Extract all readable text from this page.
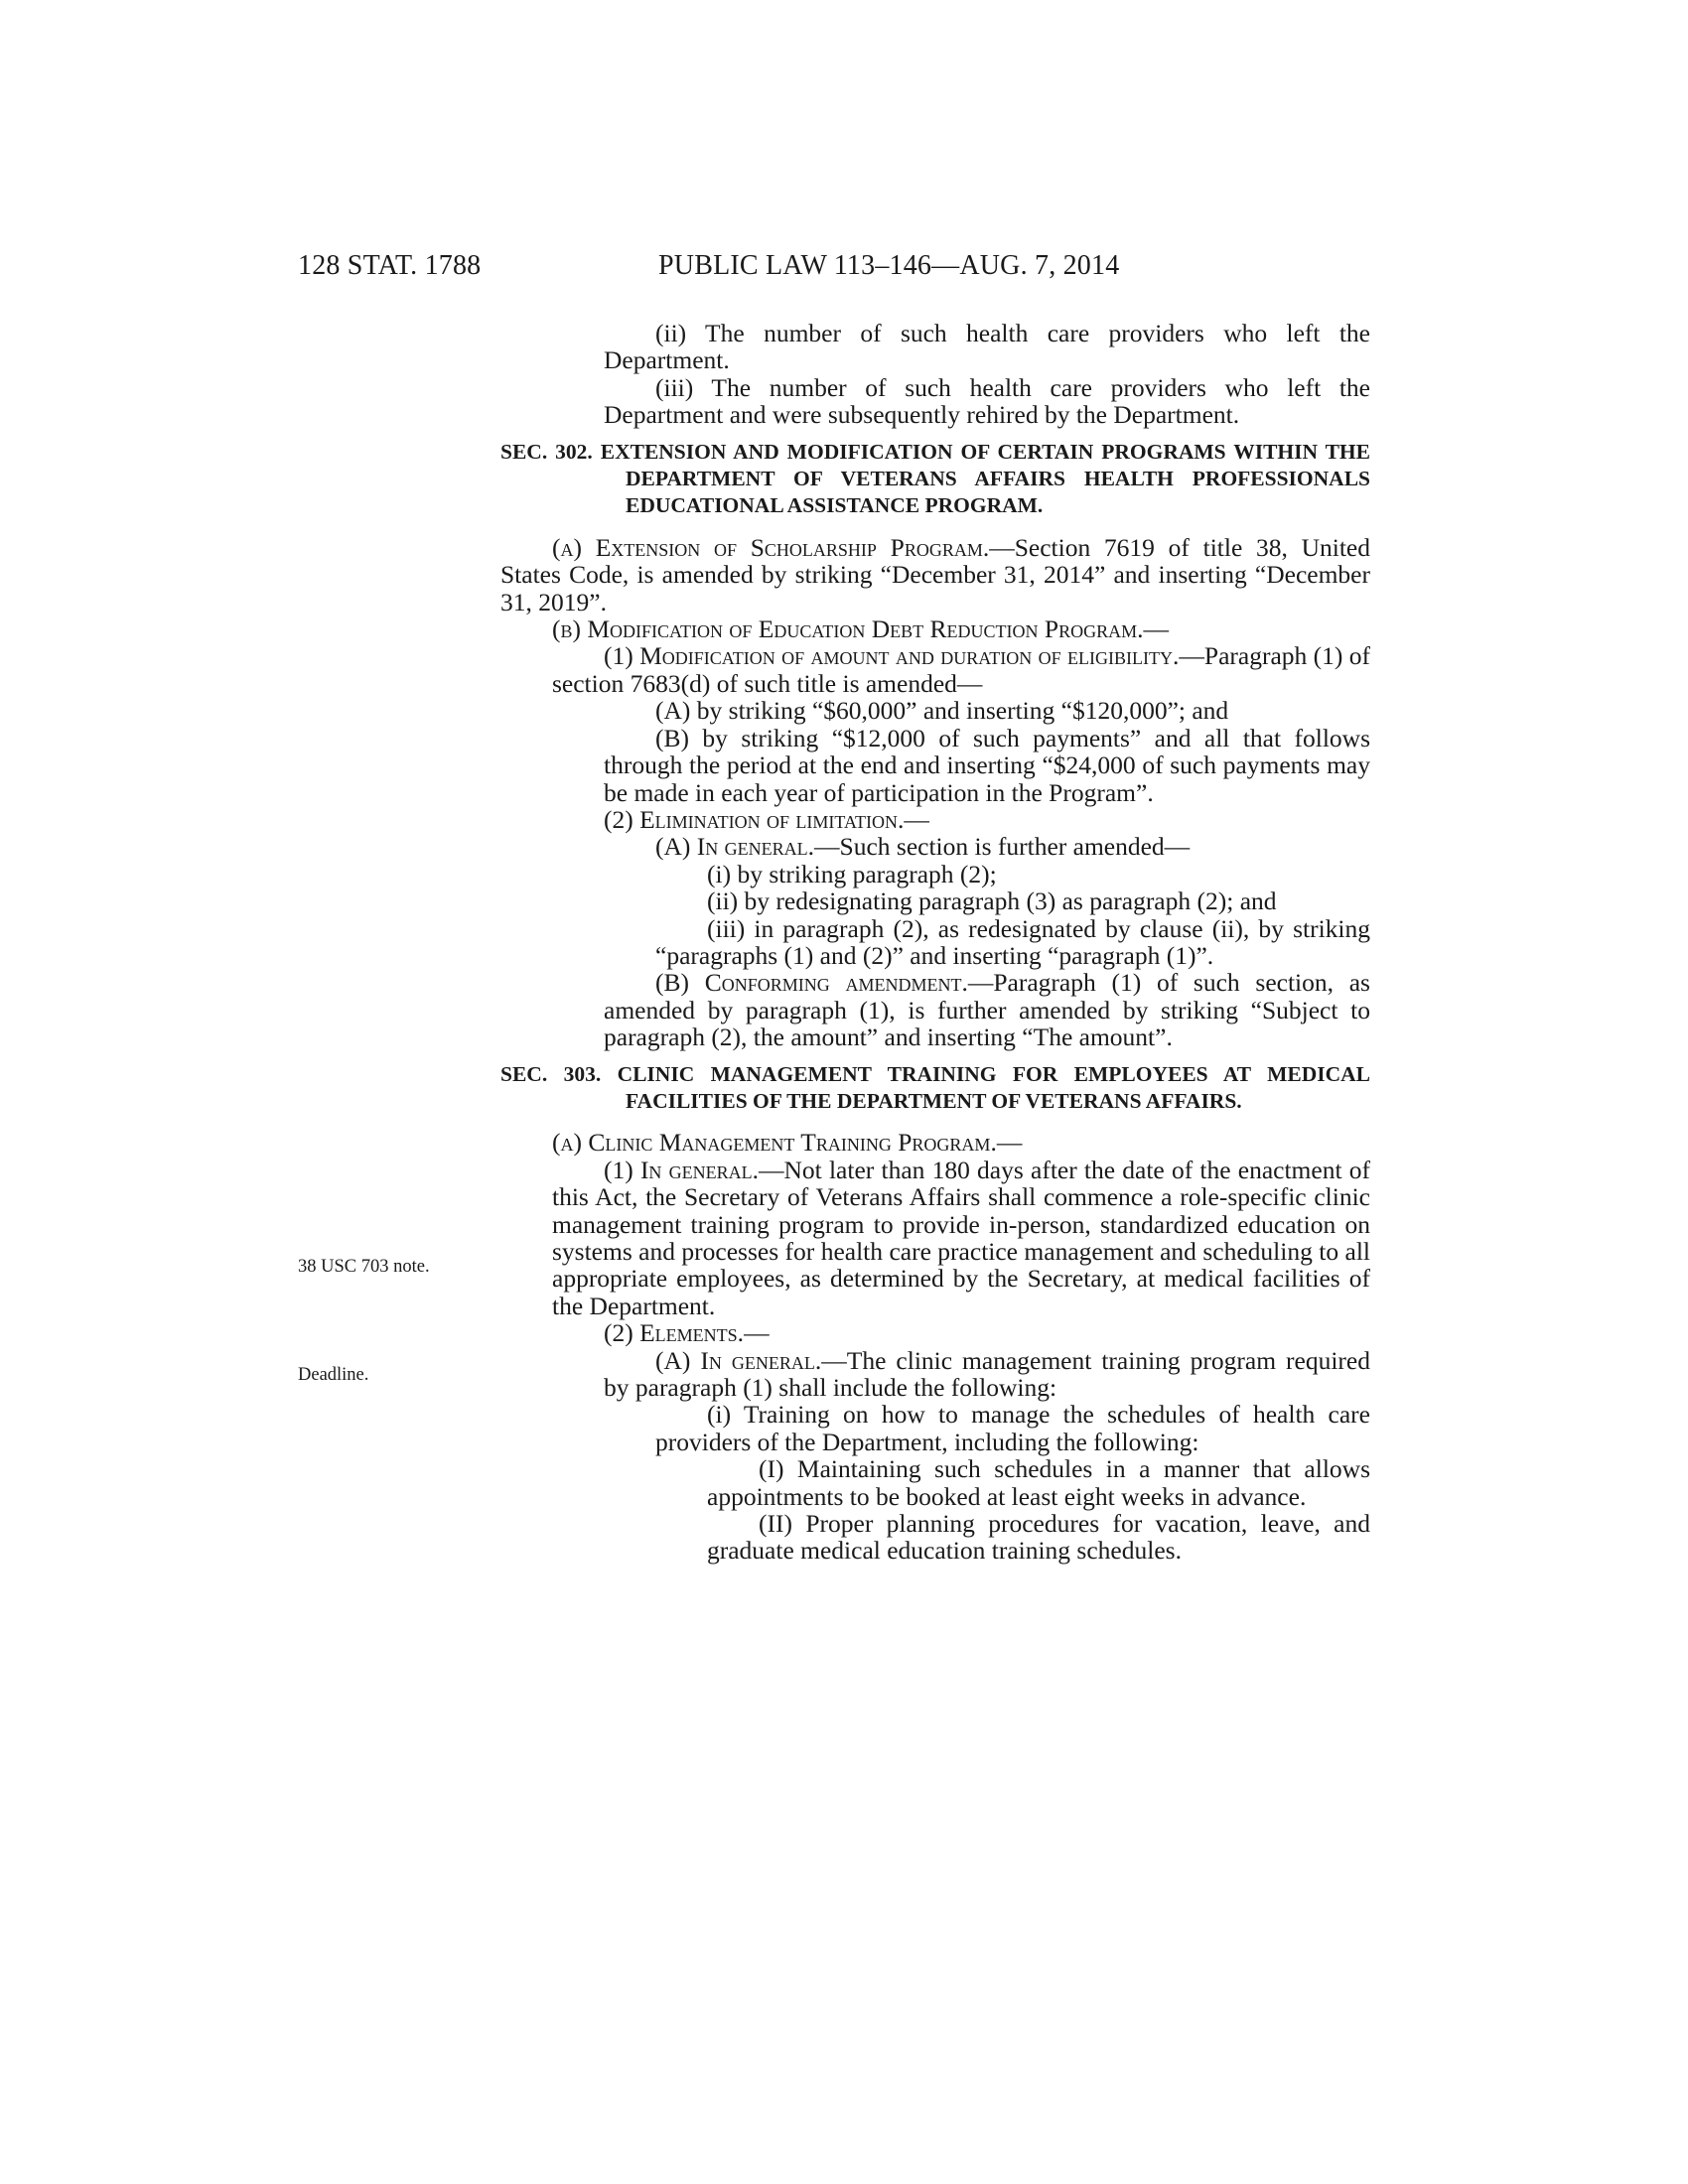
128 STAT. 1788	PUBLIC LAW 113–146—AUG. 7, 2014
38 USC 703 note.
Deadline.

(ii) The number of such health care providers who left the Department.

(iii) The number of such health care providers who left the Department and were subsequently rehired by the Department.

SEC. 302. EXTENSION AND MODIFICATION OF CERTAIN PROGRAMS WITHIN THE DEPARTMENT OF VETERANS AFFAIRS HEALTH PROFESSIONALS EDUCATIONAL ASSISTANCE PROGRAM.

(a) Extension of Scholarship Program.—Section 7619 of title 38, United States Code, is amended by striking “December 31, 2014” and inserting “December 31, 2019”.

(b) Modification of Education Debt Reduction Program.—

(1) Modification of amount and duration of eligibility.—Paragraph (1) of section 7683(d) of such title is amended—

(A) by striking “$60,000” and inserting “$120,000”; and

(B) by striking “$12,000 of such payments” and all that follows through the period at the end and inserting “$24,000 of such payments may be made in each year of participation in the Program”.

(2) Elimination of limitation.—

(A) In general.—Such section is further amended—

(i) by striking paragraph (2);

(ii) by redesignating paragraph (3) as paragraph (2); and

(iii) in paragraph (2), as redesignated by clause (ii), by striking “paragraphs (1) and (2)” and inserting “paragraph (1)”.

(B) Conforming amendment.—Paragraph (1) of such section, as amended by paragraph (1), is further amended by striking “Subject to paragraph (2), the amount” and inserting “The amount”.

SEC. 303. CLINIC MANAGEMENT TRAINING FOR EMPLOYEES AT MEDICAL FACILITIES OF THE DEPARTMENT OF VETERANS AFFAIRS.

(a) Clinic Management Training Program.—

(1) In general.—Not later than 180 days after the date of the enactment of this Act, the Secretary of Veterans Affairs shall commence a role-specific clinic management training program to provide in-person, standardized education on systems and processes for health care practice management and scheduling to all appropriate employees, as determined by the Secretary, at medical facilities of the Department.

(2) Elements.—

(A) In general.—The clinic management training program required by paragraph (1) shall include the following:

(i) Training on how to manage the schedules of health care providers of the Department, including the following:

(I) Maintaining such schedules in a manner that allows appointments to be booked at least eight weeks in advance.

(II) Proper planning procedures for vacation, leave, and graduate medical education training schedules.
